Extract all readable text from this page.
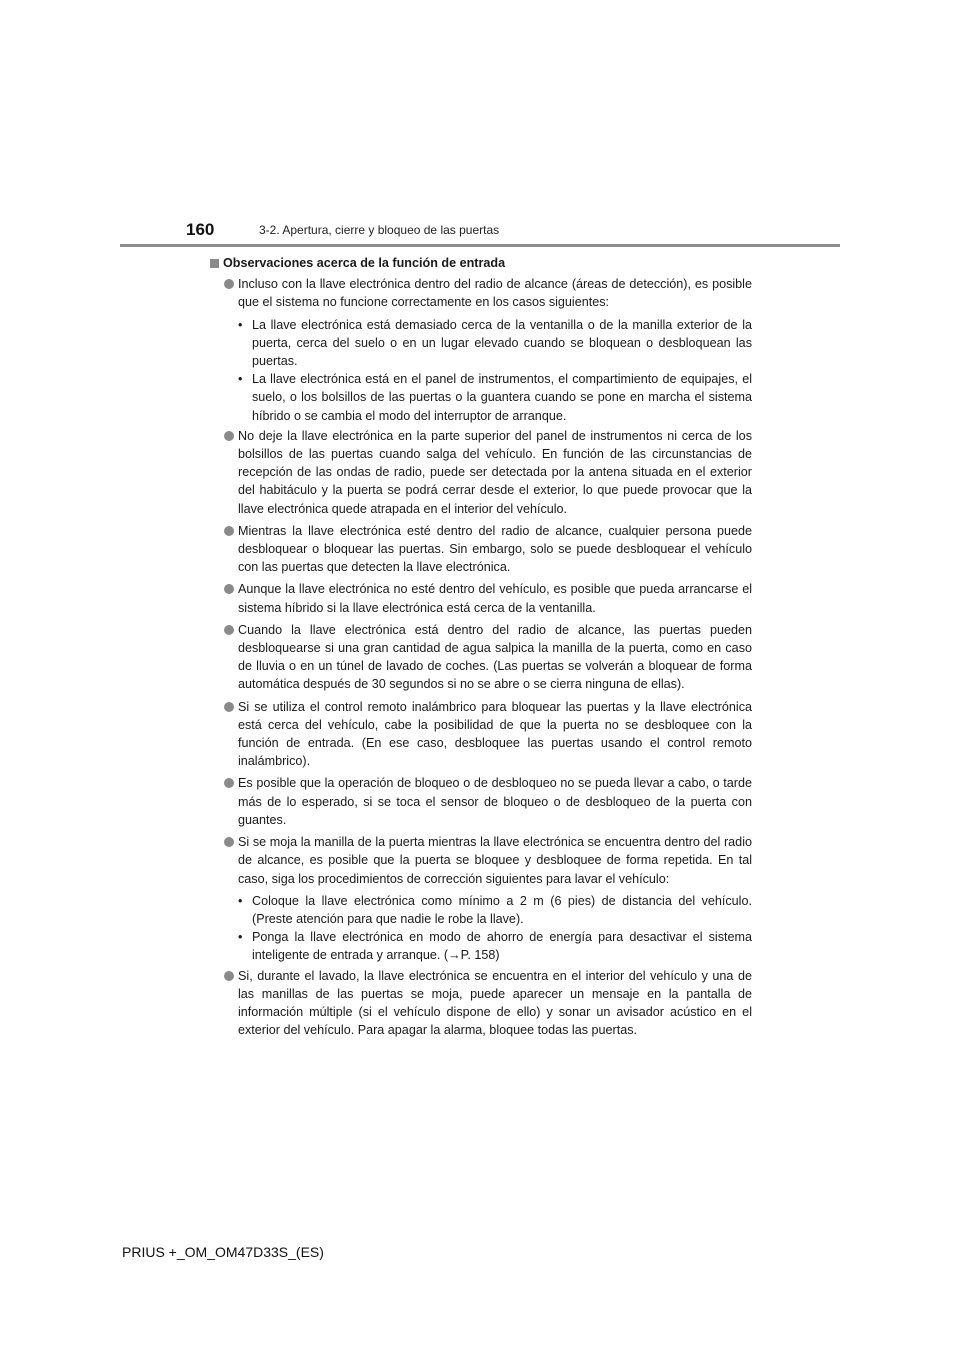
160	3-2. Apertura, cierre y bloqueo de las puertas
Observaciones acerca de la función de entrada
Incluso con la llave electrónica dentro del radio de alcance (áreas de detección), es posible que el sistema no funcione correctamente en los casos siguientes:
• La llave electrónica está demasiado cerca de la ventanilla o de la manilla exterior de la puerta, cerca del suelo o en un lugar elevado cuando se bloquean o desbloquean las puertas.
• La llave electrónica está en el panel de instrumentos, el compartimiento de equipajes, el suelo, o los bolsillos de las puertas o la guantera cuando se pone en marcha el sistema híbrido o se cambia el modo del interruptor de arranque.
No deje la llave electrónica en la parte superior del panel de instrumentos ni cerca de los bolsillos de las puertas cuando salga del vehículo. En función de las circunstancias de recepción de las ondas de radio, puede ser detectada por la antena situada en el exterior del habitáculo y la puerta se podrá cerrar desde el exterior, lo que puede provocar que la llave electrónica quede atrapada en el interior del vehículo.
Mientras la llave electrónica esté dentro del radio de alcance, cualquier persona puede desbloquear o bloquear las puertas. Sin embargo, solo se puede desbloquear el vehículo con las puertas que detecten la llave electrónica.
Aunque la llave electrónica no esté dentro del vehículo, es posible que pueda arrancarse el sistema híbrido si la llave electrónica está cerca de la ventanilla.
Cuando la llave electrónica está dentro del radio de alcance, las puertas pueden desbloquearse si una gran cantidad de agua salpica la manilla de la puerta, como en caso de lluvia o en un túnel de lavado de coches. (Las puertas se volverán a bloquear de forma automática después de 30 segundos si no se abre o se cierra ninguna de ellas).
Si se utiliza el control remoto inalámbrico para bloquear las puertas y la llave electrónica está cerca del vehículo, cabe la posibilidad de que la puerta no se desbloquee con la función de entrada. (En ese caso, desbloquee las puertas usando el control remoto inalámbrico).
Es posible que la operación de bloqueo o de desbloqueo no se pueda llevar a cabo, o tarde más de lo esperado, si se toca el sensor de bloqueo o de desbloqueo de la puerta con guantes.
Si se moja la manilla de la puerta mientras la llave electrónica se encuentra dentro del radio de alcance, es posible que la puerta se bloquee y desbloquee de forma repetida. En tal caso, siga los procedimientos de corrección siguientes para lavar el vehículo:
• Coloque la llave electrónica como mínimo a 2 m (6 pies) de distancia del vehículo. (Preste atención para que nadie le robe la llave).
• Ponga la llave electrónica en modo de ahorro de energía para desactivar el sistema inteligente de entrada y arranque. (→P. 158)
Si, durante el lavado, la llave electrónica se encuentra en el interior del vehículo y una de las manillas de las puertas se moja, puede aparecer un mensaje en la pantalla de información múltiple (si el vehículo dispone de ello) y sonar un avisador acústico en el exterior del vehículo. Para apagar la alarma, bloquee todas las puertas.
PRIUS +_OM_OM47D33S_(ES)
